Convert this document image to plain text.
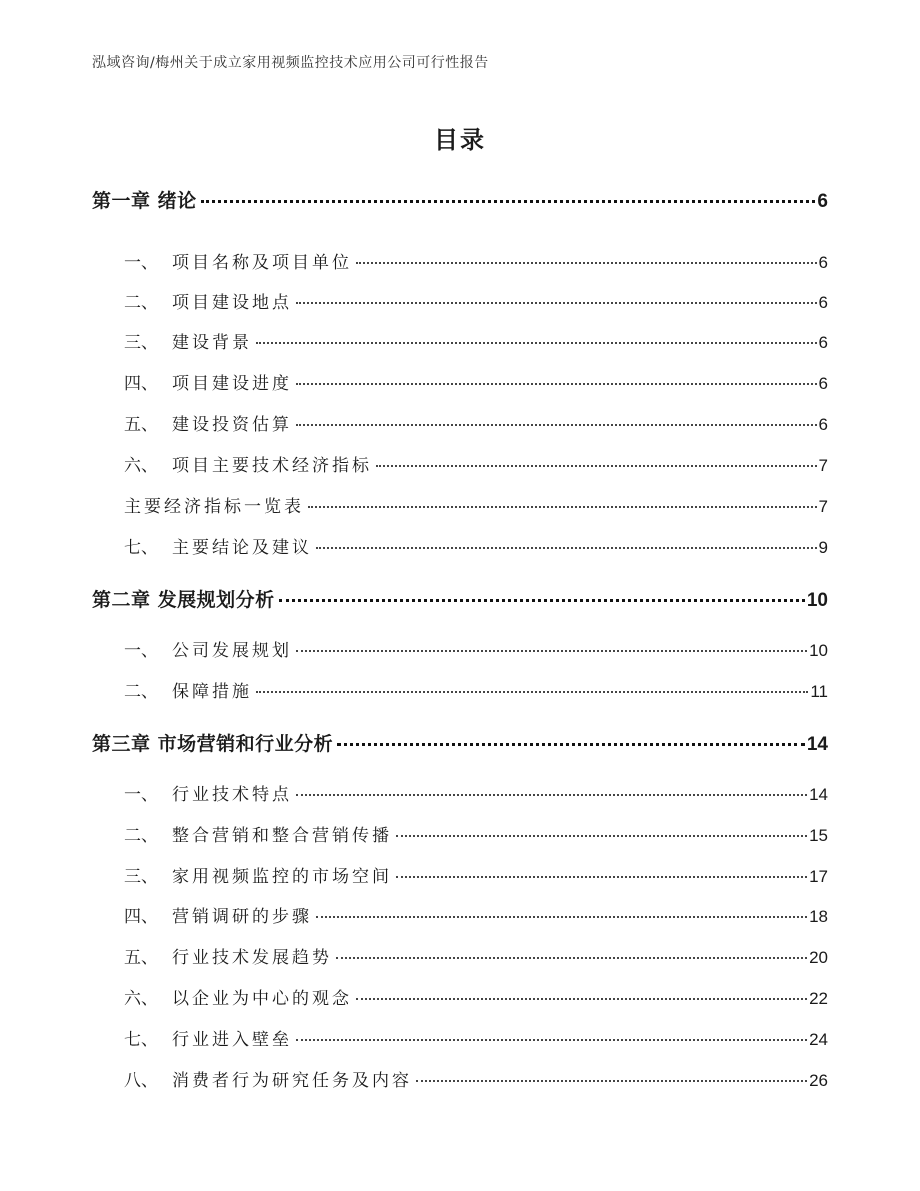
泓域咨询/梅州关于成立家用视频监控技术应用公司可行性报告
目录
第一章 绪论	6
一、 项目名称及项目单位	6
二、 项目建设地点	6
三、 建设背景	6
四、 项目建设进度	6
五、 建设投资估算	6
六、 项目主要技术经济指标	7
主要经济指标一览表	7
七、 主要结论及建议	9
第二章 发展规划分析	10
一、 公司发展规划	10
二、 保障措施	11
第三章 市场营销和行业分析	14
一、 行业技术特点	14
二、 整合营销和整合营销传播	15
三、 家用视频监控的市场空间	17
四、 营销调研的步骤	18
五、 行业技术发展趋势	20
六、 以企业为中心的观念	22
七、 行业进入壁垒	24
八、 消费者行为研究任务及内容	26
